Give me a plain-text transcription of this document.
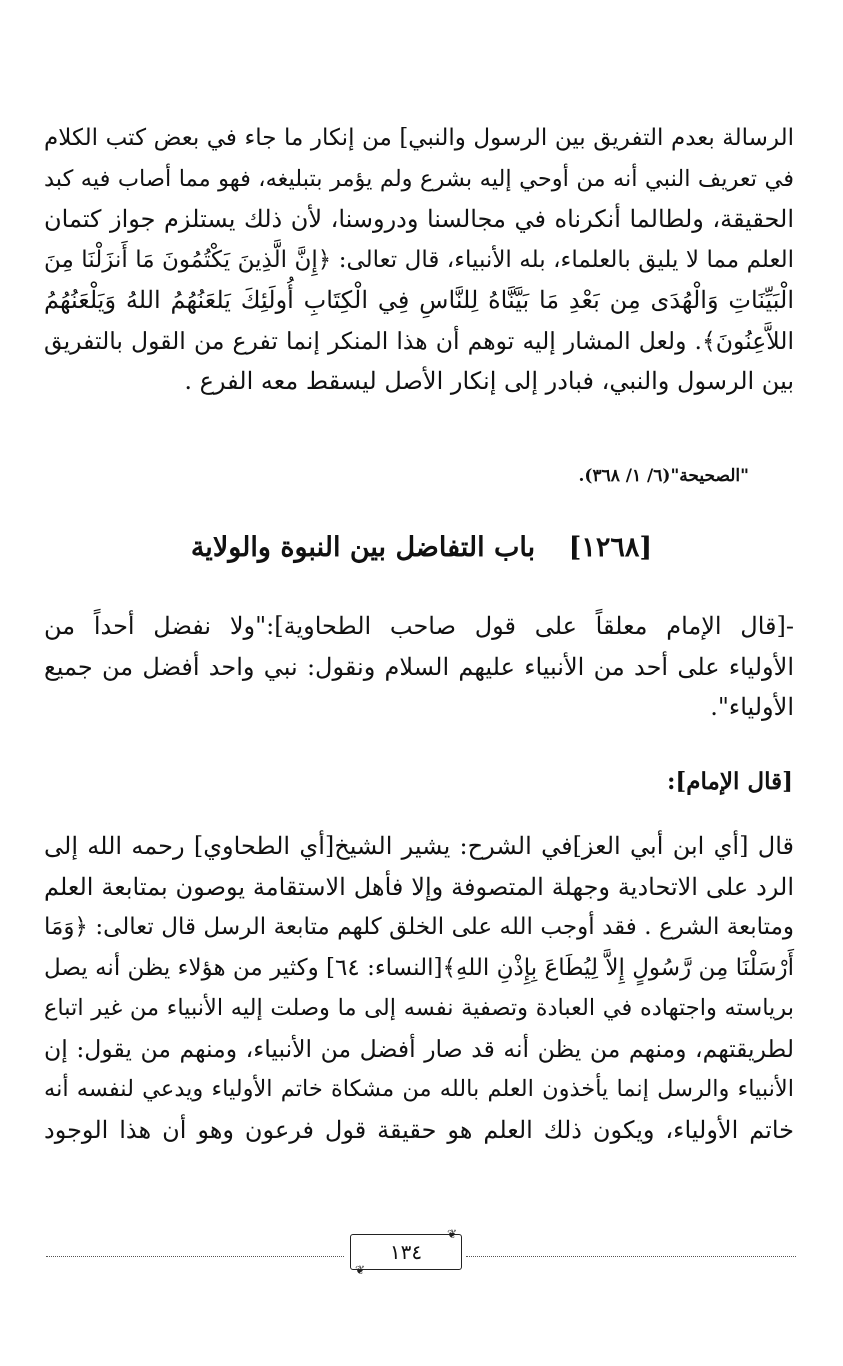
الرسالة بعدم التفريق بين الرسول والنبي] من إنكار ما جاء في بعض كتب الكلام
في تعريف النبي أنه من أوحي إليه بشرع ولم يؤمر بتبليغه، فهو مما أصاب فيه كبد
الحقيقة، ولطالما أنكرناه في مجالسنا ودروسنا، لأن ذلك يستلزم جواز كتمان
العلم مما لا يليق بالعلماء، بله الأنبياء، قال تعالى: ﴿إِنَّ الَّذِينَ يَكْتُمُونَ مَا أَنزَلْنَا مِنَ
الْبَيِّنَاتِ وَالْهُدَى مِن بَعْدِ مَا بَيَّنَّاهُ لِلنَّاسِ فِي الْكِتَابِ أُولَئِكَ يَلعَنُهُمُ اللهُ وَيَلْعَنُهُمُ
اللاَّعِنُونَ﴾. ولعل المشار إليه توهم أن هذا المنكر إنما تفرع من القول بالتفريق
بين الرسول والنبي، فبادر إلى إنكار الأصل ليسقط معه الفرع .
"الصحيحة"(٦/ ١/ ٣٦٨).
[١٢٦٨] باب التفاضل بين النبوة والولاية
-[قال الإمام معلقاً على قول صاحب الطحاوية]:"ولا نفضل أحداً من
الأولياء على أحد من الأنبياء عليهم السلام ونقول: نبي واحد أفضل من جميع
الأولياء".
[قال الإمام]:
قال [أي ابن أبي العز]في الشرح: يشير الشيخ[أي الطحاوي] رحمه الله إلى
الرد على الاتحادية وجهلة المتصوفة وإلا فأهل الاستقامة يوصون بمتابعة العلم
ومتابعة الشرع . فقد أوجب الله على الخلق كلهم متابعة الرسل قال تعالى: ﴿وَمَا
أَرْسَلْنَا مِن رَّسُولٍ إِلاَّ لِيُطَاعَ بِإِذْنِ اللهِ﴾[النساء: ٦٤] وكثير من هؤلاء يظن أنه يصل
برياسته واجتهاده في العبادة وتصفية نفسه إلى ما وصلت إليه الأنبياء من غير اتباع
لطريقتهم، ومنهم من يظن أنه قد صار أفضل من الأنبياء، ومنهم من يقول: إن
الأنبياء والرسل إنما يأخذون العلم بالله من مشكاة خاتم الأولياء ويدعي لنفسه أنه
خاتم الأولياء، ويكون ذلك العلم هو حقيقة قول فرعون وهو أن هذا الوجود
❦
١٣٤
❦
